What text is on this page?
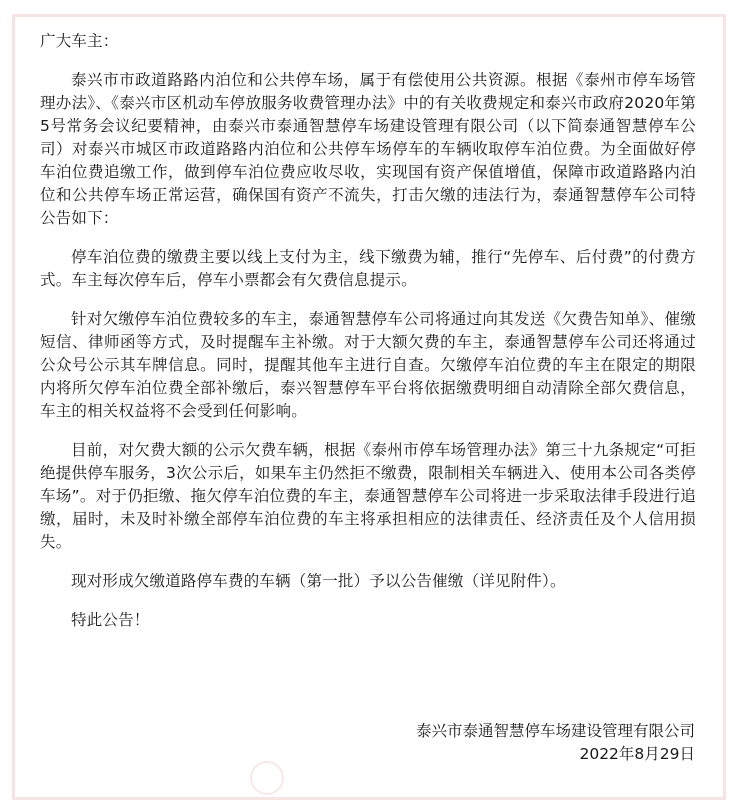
广大车主：
泰兴市市政道路路内泊位和公共停车场，属于有偿使用公共资源。根据《泰州市停车场管理办法》、《泰兴市区机动车停放服务收费管理办法》中的有关收费规定和泰兴市政府2020年第5号常务会议纪要精神，由泰兴市泰通智慧停车场建设管理有限公司（以下简泰通智慧停车公司）对泰兴市城区市政道路路内泊位和公共停车场停车的车辆收取停车泊位费。为全面做好停车泊位费追缴工作，做到停车泊位费应收尽收，实现国有资产保值增值，保障市政道路路内泊位和公共停车场正常运营，确保国有资产不流失，打击欠缴的违法行为，泰通智慧停车公司特公告如下：
停车泊位费的缴费主要以线上支付为主，线下缴费为辅，推行“先停车、后付费”的付费方式。车主每次停车后，停车小票都会有欠费信息提示。
针对欠缴停车泊位费较多的车主，泰通智慧停车公司将通过向其发送《欠费告知单》、催缴短信、律师函等方式，及时提醒车主补缴。对于大额欠费的车主，泰通智慧停车公司还将通过公众号公示其车牌信息。同时，提醒其他车主进行自查。欠缴停车泊位费的车主在限定的期限内将所欠停车泊位费全部补缴后，泰兴智慧停车平台将依据缴费明细自动清除全部欠费信息，车主的相关权益将不会受到任何影响。
目前，对欠费大额的公示欠费车辆，根据《泰州市停车场管理办法》第三十九条规定“可拒绝提供停车服务，3次公示后，如果车主仍然拒不缴费，限制相关车辆进入、使用本公司各类停车场”。对于仍拒缴、拖欠停车泊位费的车主，泰通智慧停车公司将进一步采取法律手段进行追缴，届时，未及时补缴全部停车泊位费的车主将承担相应的法律责任、经济责任及个人信用损失。
现对形成欠缴道路停车费的车辆（第一批）予以公告催缴（详见附件）。
特此公告！
泰兴市泰通智慧停车场建设管理有限公司
2022年8月29日
